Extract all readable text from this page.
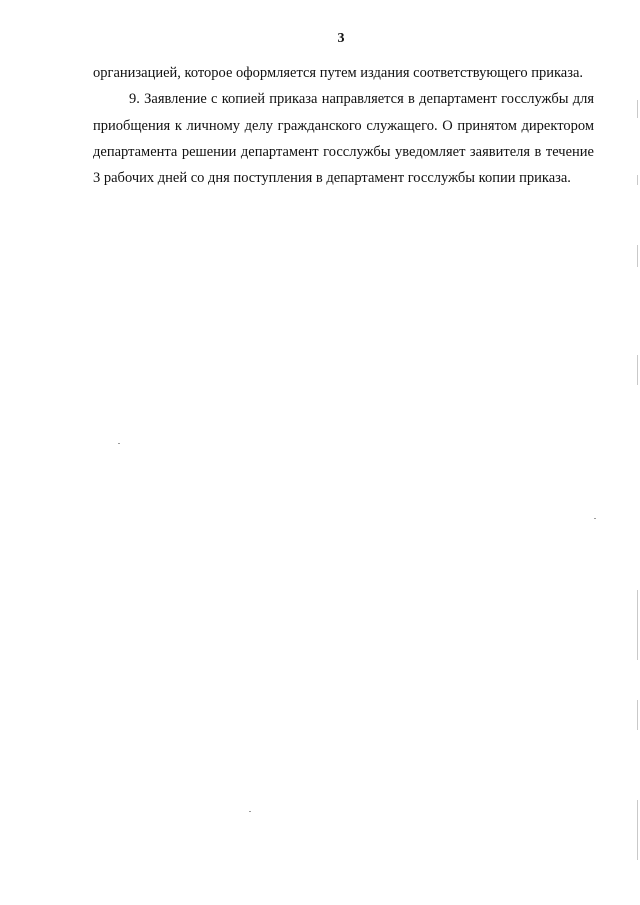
3

организацией, которое оформляется путем издания соответствующего приказа.

9. Заявление с копией приказа направляется в департамент госслужбы для приобщения к личному делу гражданского служащего. О принятом директором департамента решении департамент госслужбы уведомляет заявителя в течение 3 рабочих дней со дня поступления в департамент госслужбы копии приказа.
